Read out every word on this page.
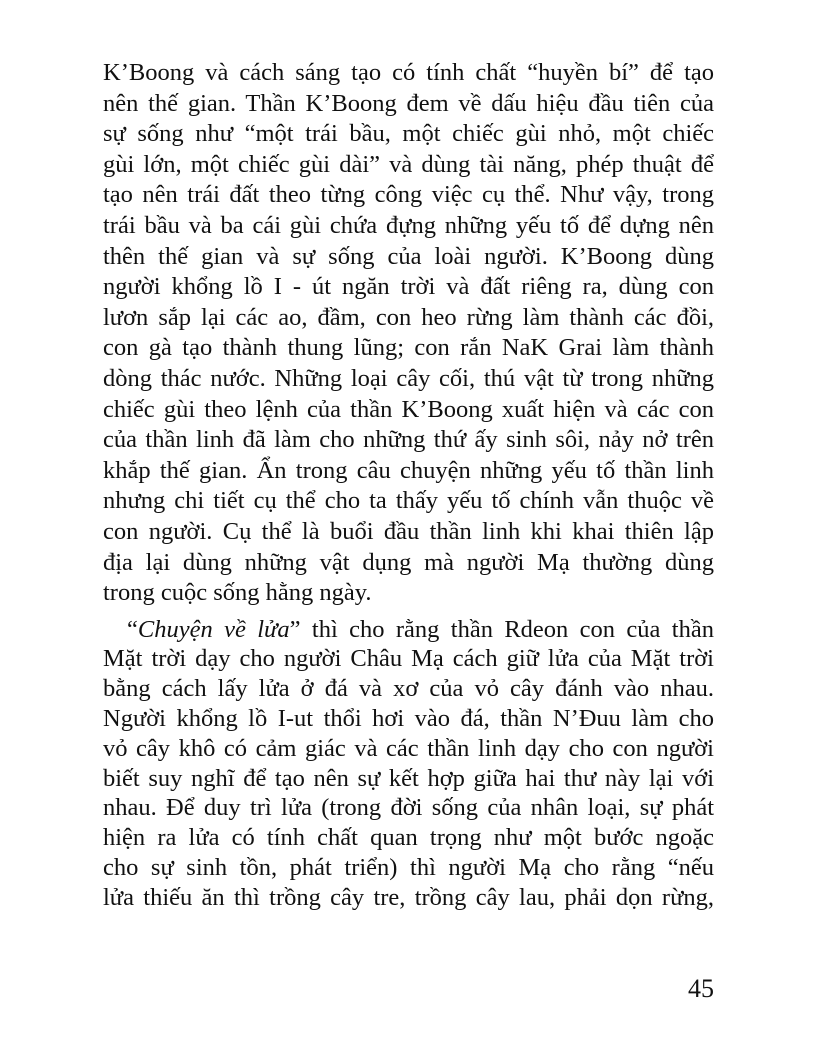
K’Boong và cách sáng tạo có tính chất “huyền bí” để tạo
nên thế gian. Thần K’Boong đem về dấu hiệu đầu tiên của
sự sống như “một trái bầu, một chiếc gùi nhỏ, một chiếc
gùi lớn, một chiếc gùi dài” và dùng tài năng, phép thuật để
tạo nên trái đất theo từng công việc cụ thể. Như vậy, trong
trái bầu và ba cái gùi chứa đựng những yếu tố để dựng nên
thên thế gian và sự sống của loài người. K’Boong dùng
người khổng lồ I - út ngăn trời và đất riêng ra, dùng con
lươn sắp lại các ao, đầm, con heo rừng làm thành các đồi,
con gà tạo thành thung lũng; con rắn NaK Grai làm thành
dòng thác nước. Những loại cây cối, thú vật từ trong những
chiếc gùi theo lệnh của thần K’Boong xuất hiện và các con
của thần linh đã làm cho những thứ ấy sinh sôi, nảy nở trên
khắp thế gian. Ẩn trong câu chuyện những yếu tố thần linh
nhưng chi tiết cụ thể cho ta thấy yếu tố chính vẫn thuộc về
con người. Cụ thể là buổi đầu thần linh khi khai thiên lập
địa lại dùng những vật dụng mà người Mạ thường dùng
trong cuộc sống hằng ngày.
“Chuyện về lửa” thì cho rằng thần Rdeon con của thần
Mặt trời dạy cho người Châu Mạ cách giữ lửa của Mặt trời
bằng cách lấy lửa ở đá và xơ của vỏ cây đánh vào nhau.
Người khổng lồ I-ut thổi hơi vào đá, thần N’Đuu làm cho
vỏ cây khô có cảm giác và các thần linh dạy cho con người
biết suy nghĩ để tạo nên sự kết hợp giữa hai thư này lại với
nhau. Để duy trì lửa (trong đời sống của nhân loại, sự phát
hiện ra lửa có tính chất quan trọng như một bước ngoặc
cho sự sinh tồn, phát triển) thì người Mạ cho rằng “nếu
lửa thiếu ăn thì trồng cây tre, trồng cây lau, phải dọn rừng,
45
